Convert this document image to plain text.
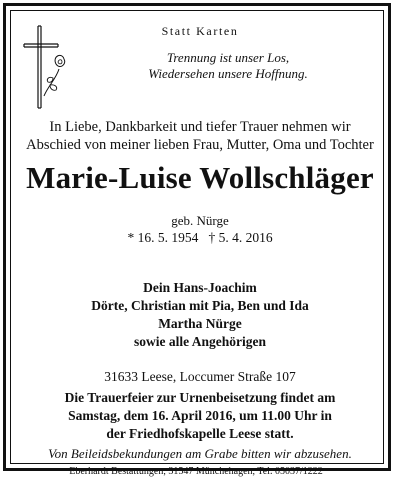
Statt Karten
Trennung ist unser Los,
Wiedersehen unsere Hoffnung.
In Liebe, Dankbarkeit und tiefer Trauer nehmen wir
Abschied von meiner lieben Frau, Mutter, Oma und Tochter
Marie-Luise Wollschläger
geb. Nürge
* 16. 5. 1954   † 5. 4. 2016
Dein Hans-Joachim
Dörte, Christian mit Pia, Ben und Ida
Martha Nürge
sowie alle Angehörigen
31633 Leese, Loccumer Straße 107
Die Trauerfeier zur Urnenbeisetzung findet am
Samstag, dem 16. April 2016, um 11.00 Uhr in
der Friedhofskapelle Leese statt.
Von Beileidsbekundungen am Grabe bitten wir abzusehen.
Eberhardt Bestattungen, 31547 Münchehagen, Tel. 05037/1222
